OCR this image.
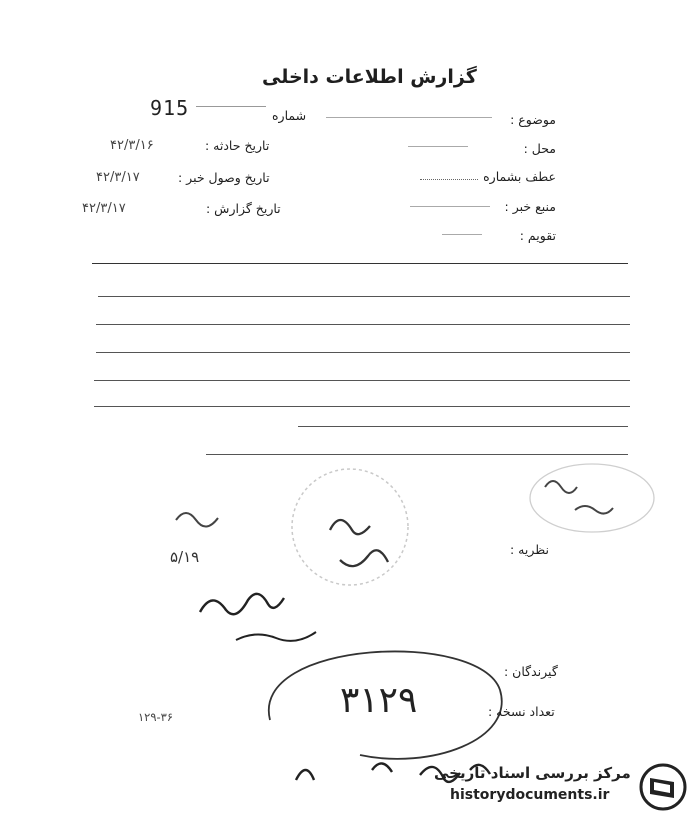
گزارش اطلاعات داخلی
موضوع :
محل :
عطف بشماره
منبع خبر :
تقویم :
شماره
915
تاریخ حادثه :
۴۲/۳/۱۶
تاریخ وصول خبر :
۴۲/۳/۱۷
تاریخ گزارش :
۴۲/۳/۱۷
۵/۱۹
۳۱۲۹
نظریه :
گیرندگان :
تعداد نسخه :
۱۲۹-۳۶
مرکز بررسی اسناد تاریخی
historydocuments.ir
